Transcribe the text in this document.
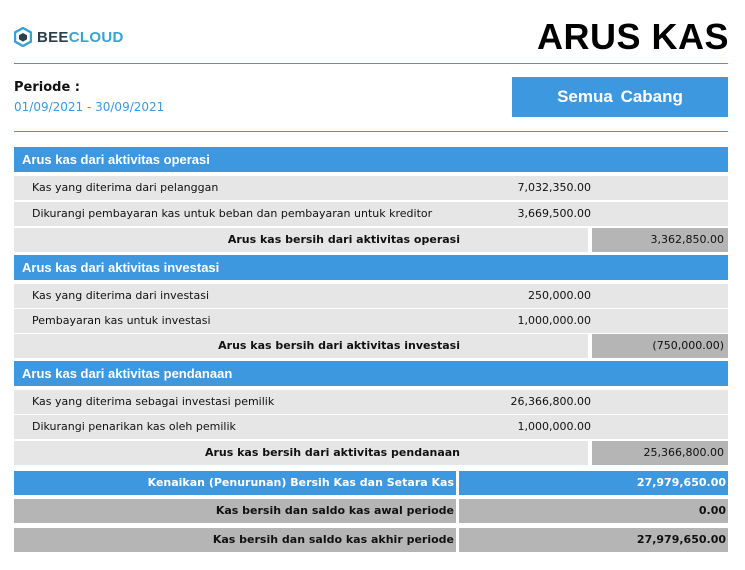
BEECLOUD	ARUS KAS
Periode :
01/09/2021 - 30/09/2021
Semua Cabang
Arus kas dari aktivitas operasi
Kas yang diterima dari pelanggan	7,032,350.00
Dikurangi pembayaran kas untuk beban dan pembayaran untuk kreditor	3,669,500.00
Arus kas bersih dari aktivitas operasi	3,362,850.00
Arus kas dari aktivitas investasi
Kas yang diterima dari investasi	250,000.00
Pembayaran kas untuk investasi	1,000,000.00
Arus kas bersih dari aktivitas investasi	(750,000.00)
Arus kas dari aktivitas pendanaan
Kas yang diterima sebagai investasi pemilik	26,366,800.00
Dikurangi penarikan kas oleh pemilik	1,000,000.00
Arus kas bersih dari aktivitas pendanaan	25,366,800.00
Kenaikan (Penurunan) Bersih Kas dan Setara Kas	27,979,650.00
Kas bersih dan saldo kas awal periode	0.00
Kas bersih dan saldo kas akhir periode	27,979,650.00
